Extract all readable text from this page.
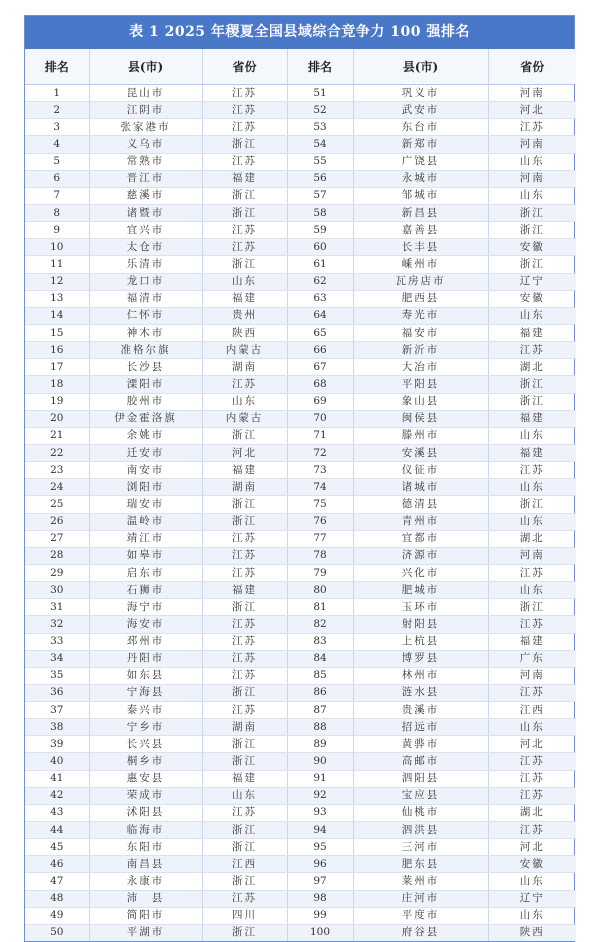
表 1 2025 年稷夏全国县域综合竞争力 100 强排名
排名	县(市)	省份	排名	县(市)	省份
1	昆山市	江苏	51	巩义市	河南
2	江阴市	江苏	52	武安市	河北
3	张家港市	江苏	53	东台市	江苏
4	义乌市	浙江	54	新郑市	河南
5	常熟市	江苏	55	广饶县	山东
6	晋江市	福建	56	永城市	河南
7	慈溪市	浙江	57	邹城市	山东
8	诸暨市	浙江	58	新昌县	浙江
9	宜兴市	江苏	59	嘉善县	浙江
10	太仓市	江苏	60	长丰县	安徽
11	乐清市	浙江	61	嵊州市	浙江
12	龙口市	山东	62	瓦房店市	辽宁
13	福清市	福建	63	肥西县	安徽
14	仁怀市	贵州	64	寿光市	山东
15	神木市	陕西	65	福安市	福建
16	准格尔旗	内蒙古	66	新沂市	江苏
17	长沙县	湖南	67	大冶市	湖北
18	溧阳市	江苏	68	平阳县	浙江
19	胶州市	山东	69	象山县	浙江
20	伊金霍洛旗	内蒙古	70	闽侯县	福建
21	余姚市	浙江	71	滕州市	山东
22	迁安市	河北	72	安溪县	福建
23	南安市	福建	73	仪征市	江苏
24	浏阳市	湖南	74	诸城市	山东
25	瑞安市	浙江	75	德清县	浙江
26	温岭市	浙江	76	青州市	山东
27	靖江市	江苏	77	宜都市	湖北
28	如皋市	江苏	78	济源市	河南
29	启东市	江苏	79	兴化市	江苏
30	石狮市	福建	80	肥城市	山东
31	海宁市	浙江	81	玉环市	浙江
32	海安市	江苏	82	射阳县	江苏
33	邳州市	江苏	83	上杭县	福建
34	丹阳市	江苏	84	博罗县	广东
35	如东县	江苏	85	林州市	河南
36	宁海县	浙江	86	涟水县	江苏
37	泰兴市	江苏	87	贵溪市	江西
38	宁乡市	湖南	88	招远市	山东
39	长兴县	浙江	89	黄骅市	河北
40	桐乡市	浙江	90	高邮市	江苏
41	惠安县	福建	91	泗阳县	江苏
42	荣成市	山东	92	宝应县	江苏
43	沭阳县	江苏	93	仙桃市	湖北
44	临海市	浙江	94	泗洪县	江苏
45	东阳市	浙江	95	三河市	河北
46	南昌县	江西	96	肥东县	安徽
47	永康市	浙江	97	莱州市	山东
48	沛　县	江苏	98	庄河市	辽宁
49	简阳市	四川	99	平度市	山东
50	平湖市	浙江	100	府谷县	陕西
